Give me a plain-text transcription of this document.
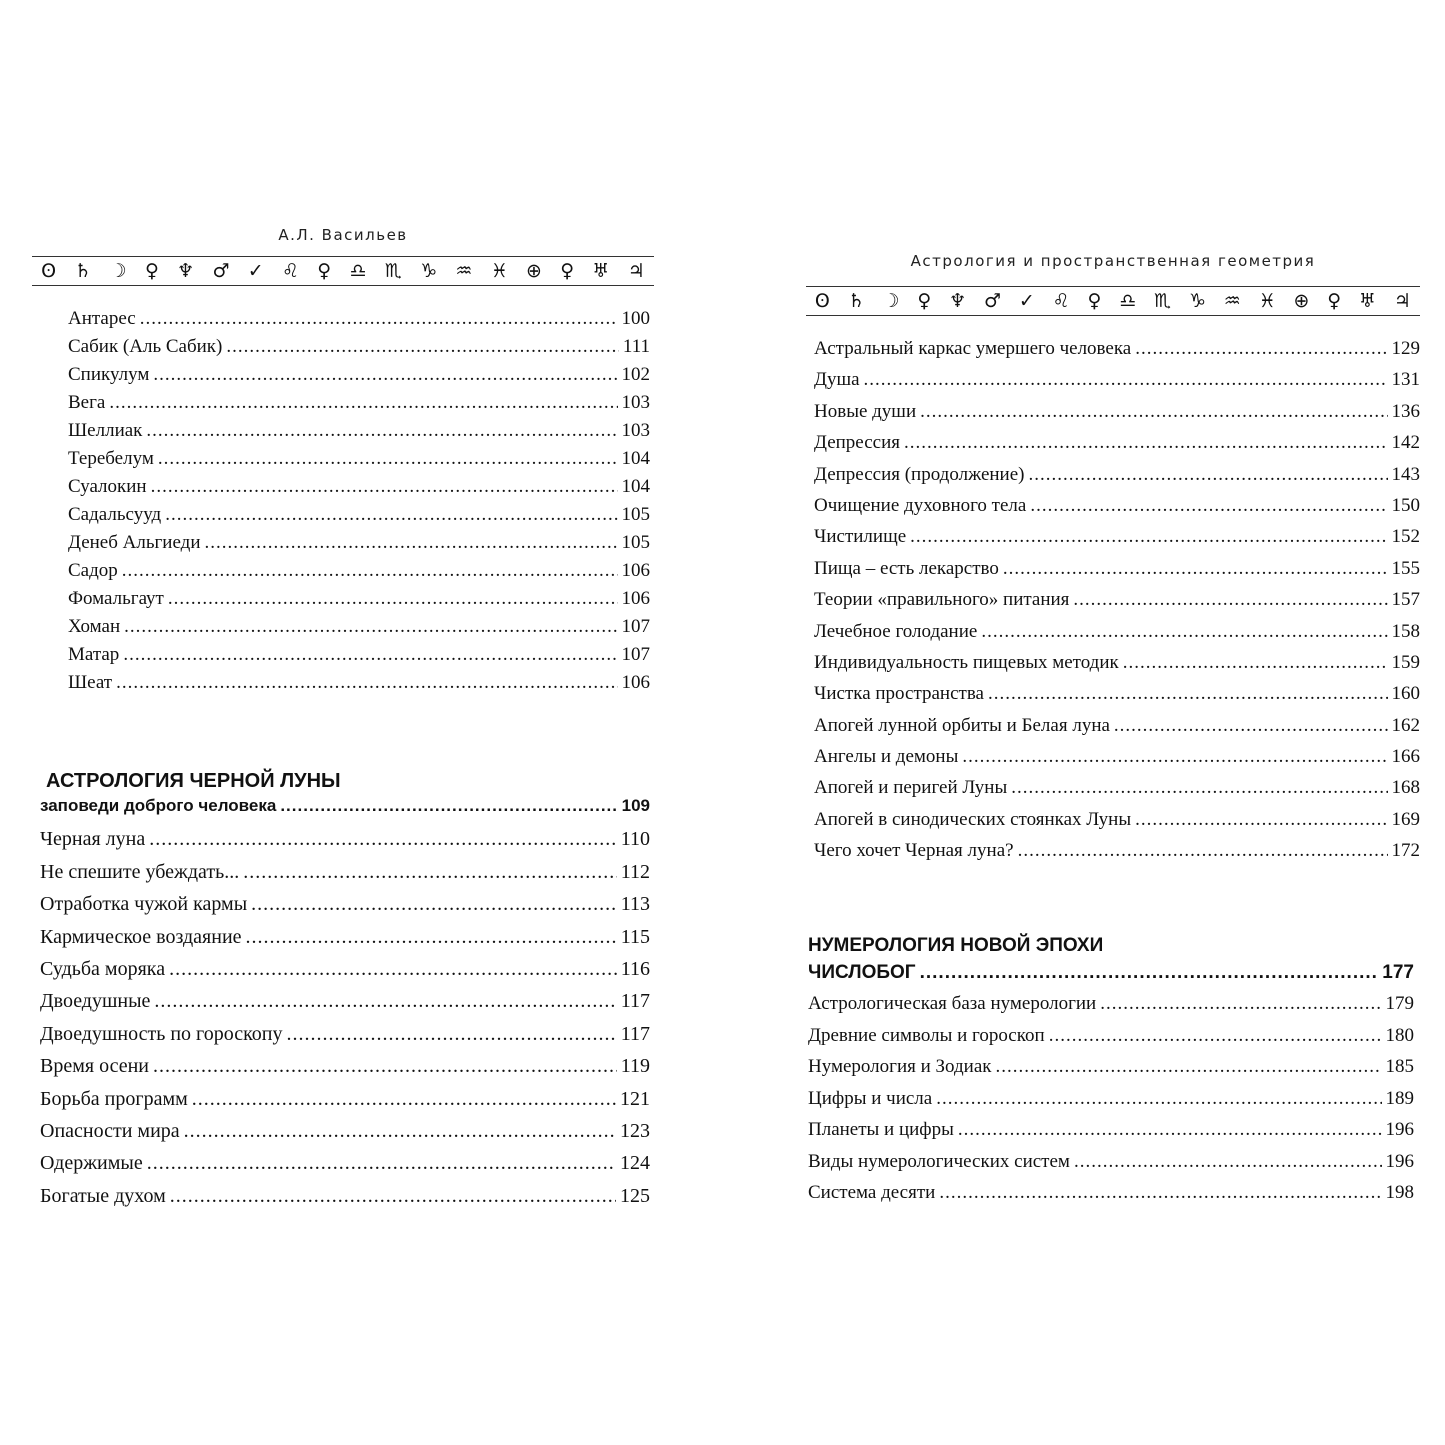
А.Л. Васильев
ʘ ♄ ☽ ♀ ♆ ♂ ✓ ♌ ♀ ♎ ♏ ♑ ♒ ♓ ⊕ ♀ ♅ ♃
Антарес .....	100
Сабик (Аль Сабик) .....	111
Спикулум .....	102
Вега .....	103
Шеллиак .....	103
Теребелум .....	104
Суалокин .....	104
Садальсууд .....	105
Денеб Альгиеди .....	105
Садор .....	106
Фомальгаут .....	106
Хоман .....	107
Матар .....	107
Шеат .....	106
АСТРОЛОГИЯ ЧЕРНОЙ ЛУНЫ
заповеди доброго человека .....	109
Черная луна .....	110
Не спешите убеждать... .....	112
Отработка чужой кармы .....	113
Кармическое воздаяние .....	115
Судьба моряка .....	116
Двоедушные .....	117
Двоедушность по гороскопу .....	117
Время осени .....	119
Борьба программ .....	121
Опасности мира .....	123
Одержимые .....	124
Богатые духом .....	125
Астрология и пространственная геометрия
ʘ ♄ ☽ ♀ ♆ ♂ ✓ ♌ ♀ ♎ ♏ ♑ ♒ ♓ ⊕ ♀ ♅ ♃
Астральный каркас умершего человека .....	129
Душа .....	131
Новые души .....	136
Депрессия .....	142
Депрессия (продолжение) .....	143
Очищение духовного тела .....	150
Чистилище .....	152
Пища – есть лекарство .....	155
Теории «правильного» питания .....	157
Лечебное голодание .....	158
Индивидуальность пищевых методик .....	159
Чистка пространства .....	160
Апогей лунной орбиты и Белая луна .....	162
Ангелы и демоны .....	166
Апогей и перигей Луны .....	168
Апогей в синодических стоянках Луны .....	169
Чего хочет Черная луна? .....	172
НУМЕРОЛОГИЯ НОВОЙ ЭПОХИ
ЧИСЛОБОГ .....	177
Астрологическая база нумерологии .....	179
Древние символы и гороскоп .....	180
Нумерология и Зодиак .....	185
Цифры и числа .....	189
Планеты и цифры .....	196
Виды нумерологических систем .....	196
Система десяти .....	198
